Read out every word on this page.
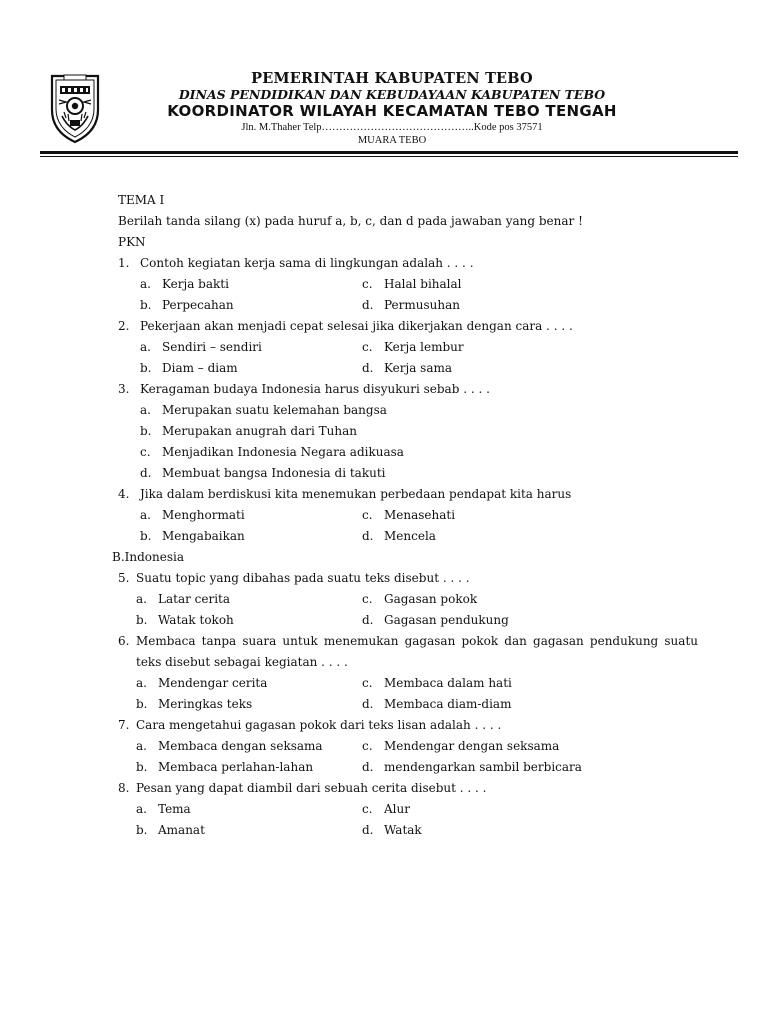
PEMERINTAH KABUPATEN TEBO
DINAS PENDIDIKAN DAN KEBUDAYAAN KABUPATEN TEBO
KOORDINATOR WILAYAH KECAMATAN TEBO TENGAH
Jln. M.Thaher Telp……………………………………..Kode pos 37571
MUARA TEBO
TEMA I
Berilah tanda silang (x) pada huruf a, b, c, dan d pada jawaban yang benar !
PKN
1. Contoh kegiatan kerja sama di lingkungan adalah . . . .
a. Kerja bakti	c. Halal bihalal
b. Perpecahan	d. Permusuhan
2. Pekerjaan akan menjadi cepat selesai jika dikerjakan dengan cara . . . .
a. Sendiri – sendiri	c. Kerja lembur
b. Diam – diam	d. Kerja sama
3. Keragaman budaya Indonesia harus disyukuri sebab . . . .
a. Merupakan suatu kelemahan bangsa
b. Merupakan anugrah dari Tuhan
c. Menjadikan Indonesia Negara adikuasa
d. Membuat bangsa Indonesia di takuti
4. Jika dalam berdiskusi kita menemukan perbedaan pendapat kita harus
a. Menghormati	c. Menasehati
b. Mengabaikan	d. Mencela
B.Indonesia
5. Suatu topic yang dibahas pada suatu teks disebut . . . .
a. Latar cerita	c. Gagasan pokok
b. Watak tokoh	d. Gagasan pendukung
6. Membaca tanpa suara untuk menemukan gagasan pokok dan gagasan pendukung suatu teks disebut sebagai kegiatan . . . .
a. Mendengar cerita	c. Membaca dalam hati
b. Meringkas teks	d. Membaca diam-diam
7. Cara mengetahui gagasan pokok dari teks lisan adalah . . . .
a. Membaca dengan seksama	c. Mendengar dengan seksama
b. Membaca perlahan-lahan	d. mendengarkan sambil berbicara
8. Pesan yang dapat diambil dari sebuah cerita disebut . . . .
a. Tema	c. Alur
b. Amanat	d. Watak
